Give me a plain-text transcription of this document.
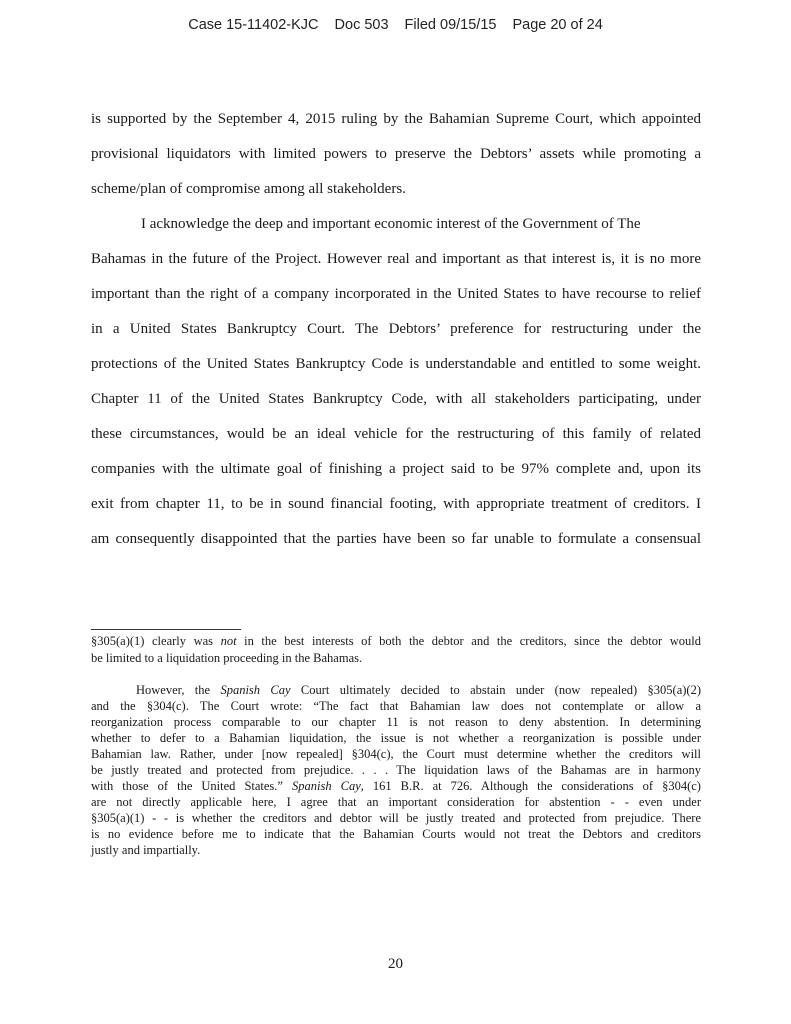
Case 15-11402-KJC Doc 503 Filed 09/15/15 Page 20 of 24
is supported by the September 4, 2015 ruling by the Bahamian Supreme Court, which appointed
provisional liquidators with limited powers to preserve the Debtors’ assets while promoting a
scheme/plan of compromise among all stakeholders.
I acknowledge the deep and important economic interest of the Government of The
Bahamas in the future of the Project. However real and important as that interest is, it is no more
important than the right of a company incorporated in the United States to have recourse to relief
in a United States Bankruptcy Court. The Debtors’ preference for restructuring under the
protections of the United States Bankruptcy Code is understandable and entitled to some weight.
Chapter 11 of the United States Bankruptcy Code, with all stakeholders participating, under
these circumstances, would be an ideal vehicle for the restructuring of this family of related
companies with the ultimate goal of finishing a project said to be 97% complete and, upon its
exit from chapter 11, to be in sound financial footing, with appropriate treatment of creditors. I
am consequently disappointed that the parties have been so far unable to formulate a consensual
§305(a)(1) clearly was not in the best interests of both the debtor and the creditors, since the debtor would
be limited to a liquidation proceeding in the Bahamas.
However, the Spanish Cay Court ultimately decided to abstain under (now repealed) §305(a)(2)
and the §304(c). The Court wrote: “The fact that Bahamian law does not contemplate or allow a
reorganization process comparable to our chapter 11 is not reason to deny abstention. In determining
whether to defer to a Bahamian liquidation, the issue is not whether a reorganization is possible under
Bahamian law. Rather, under [now repealed] §304(c), the Court must determine whether the creditors will
be justly treated and protected from prejudice. . . . The liquidation laws of the Bahamas are in harmony
with those of the United States.” Spanish Cay, 161 B.R. at 726. Although the considerations of §304(c)
are not directly applicable here, I agree that an important consideration for abstention - - even under
§305(a)(1) - - is whether the creditors and debtor will be justly treated and protected from prejudice. There
is no evidence before me to indicate that the Bahamian Courts would not treat the Debtors and creditors
justly and impartially.
20
